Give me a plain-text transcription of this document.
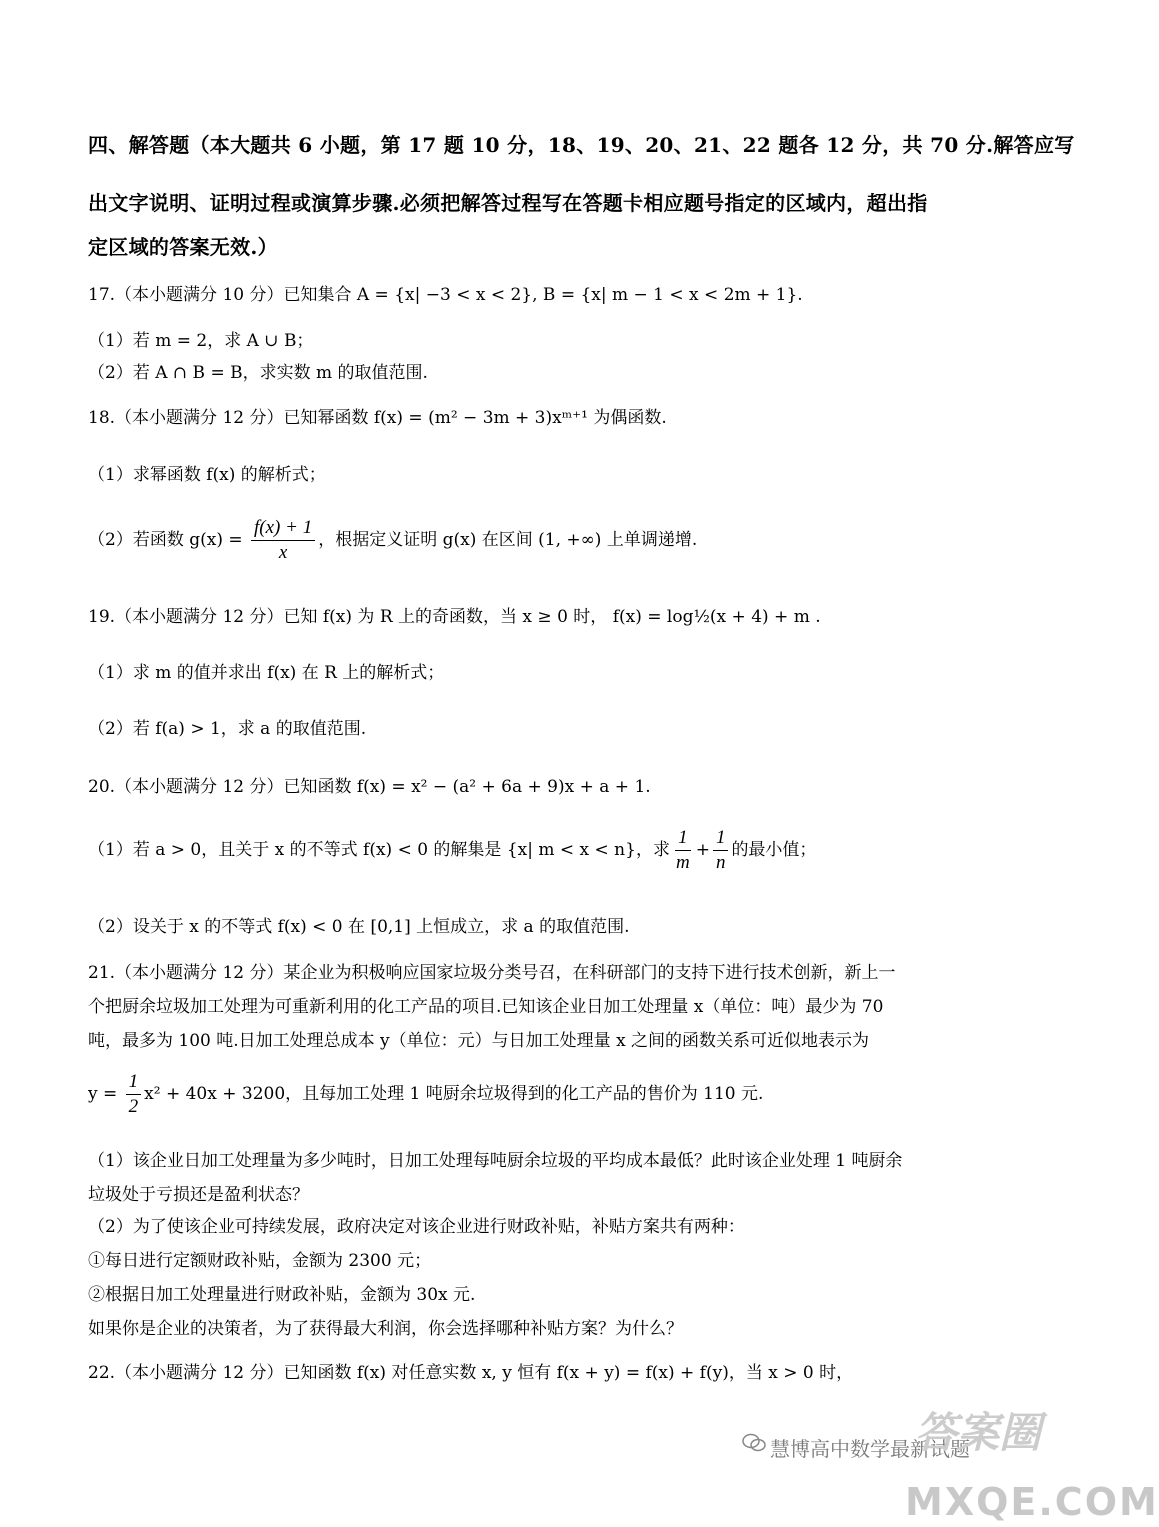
四、解答题（本大题共 6 小题，第 17 题 10 分，18、19、20、21、22 题各 12 分，共 70 分.解答应写
出文字说明、证明过程或演算步骤.必须把解答过程写在答题卡相应题号指定的区域内，超出指
定区域的答案无效.）
17.（本小题满分 10 分）已知集合 A = {x| −3 < x < 2}, B = {x| m − 1 < x < 2m + 1}.
（1）若 m = 2，求 A ∪ B；
（2）若 A ∩ B = B，求实数 m 的取值范围.
18.（本小题满分 12 分）已知幂函数 f(x) = (m² − 3m + 3)xᵐ⁺¹ 为偶函数.
（1）求幂函数 f(x) 的解析式；
（2）若函数 $g(x) = \frac{f(x) + 1}{x}$ ，根据定义证明 g(x) 在区间 (1, +∞) 上单调递增.
19.（本小题满分 12 分）已知 f(x) 为 R 上的奇函数，当 x ≥ 0 时， f(x) = log½(x + 4) + m .
（1）求 m 的值并求出 f(x) 在 R 上的解析式；
（2）若 f(a) > 1，求 a 的取值范围.
20.（本小题满分 12 分）已知函数 f(x) = x² − (a² + 6a + 9)x + a + 1.
（1）若 a > 0，且关于 x 的不等式 f(x) < 0 的解集是 {x| m < x < n}，求 $\frac{1}{m} + \frac{1}{n}$ 的最小值；
（2）设关于 x 的不等式 f(x) < 0 在 [0,1] 上恒成立，求 a 的取值范围.
21.（本小题满分 12 分）某企业为积极响应国家垃圾分类号召，在科研部门的支持下进行技术创新，新上一
个把厨余垃圾加工处理为可重新利用的化工产品的项目.已知该企业日加工处理量 x（单位：吨）最少为 70
吨，最多为 100 吨.日加工处理总成本 y（单位：元）与日加工处理量 x 之间的函数关系可近似地表示为
$y = \frac{1}{2} x^2 + 40x + 3200$，且每加工处理 1 吨厨余垃圾得到的化工产品的售价为 110 元.
（1）该企业日加工处理量为多少吨时，日加工处理每吨厨余垃圾的平均成本最低？此时该企业处理 1 吨厨余
垃圾处于亏损还是盈利状态？
（2）为了使该企业可持续发展，政府决定对该企业进行财政补贴，补贴方案共有两种：
①每日进行定额财政补贴，金额为 2300 元；
②根据日加工处理量进行财政补贴，金额为 30x 元.
如果你是企业的决策者，为了获得最大利润，你会选择哪种补贴方案？为什么？
22.（本小题满分 12 分）已知函数 f(x) 对任意实数 x, y 恒有 f(x + y) = f(x) + f(y)，当 x > 0 时，
慧博高中数学最新试题
答案圈
MXQE.COM
